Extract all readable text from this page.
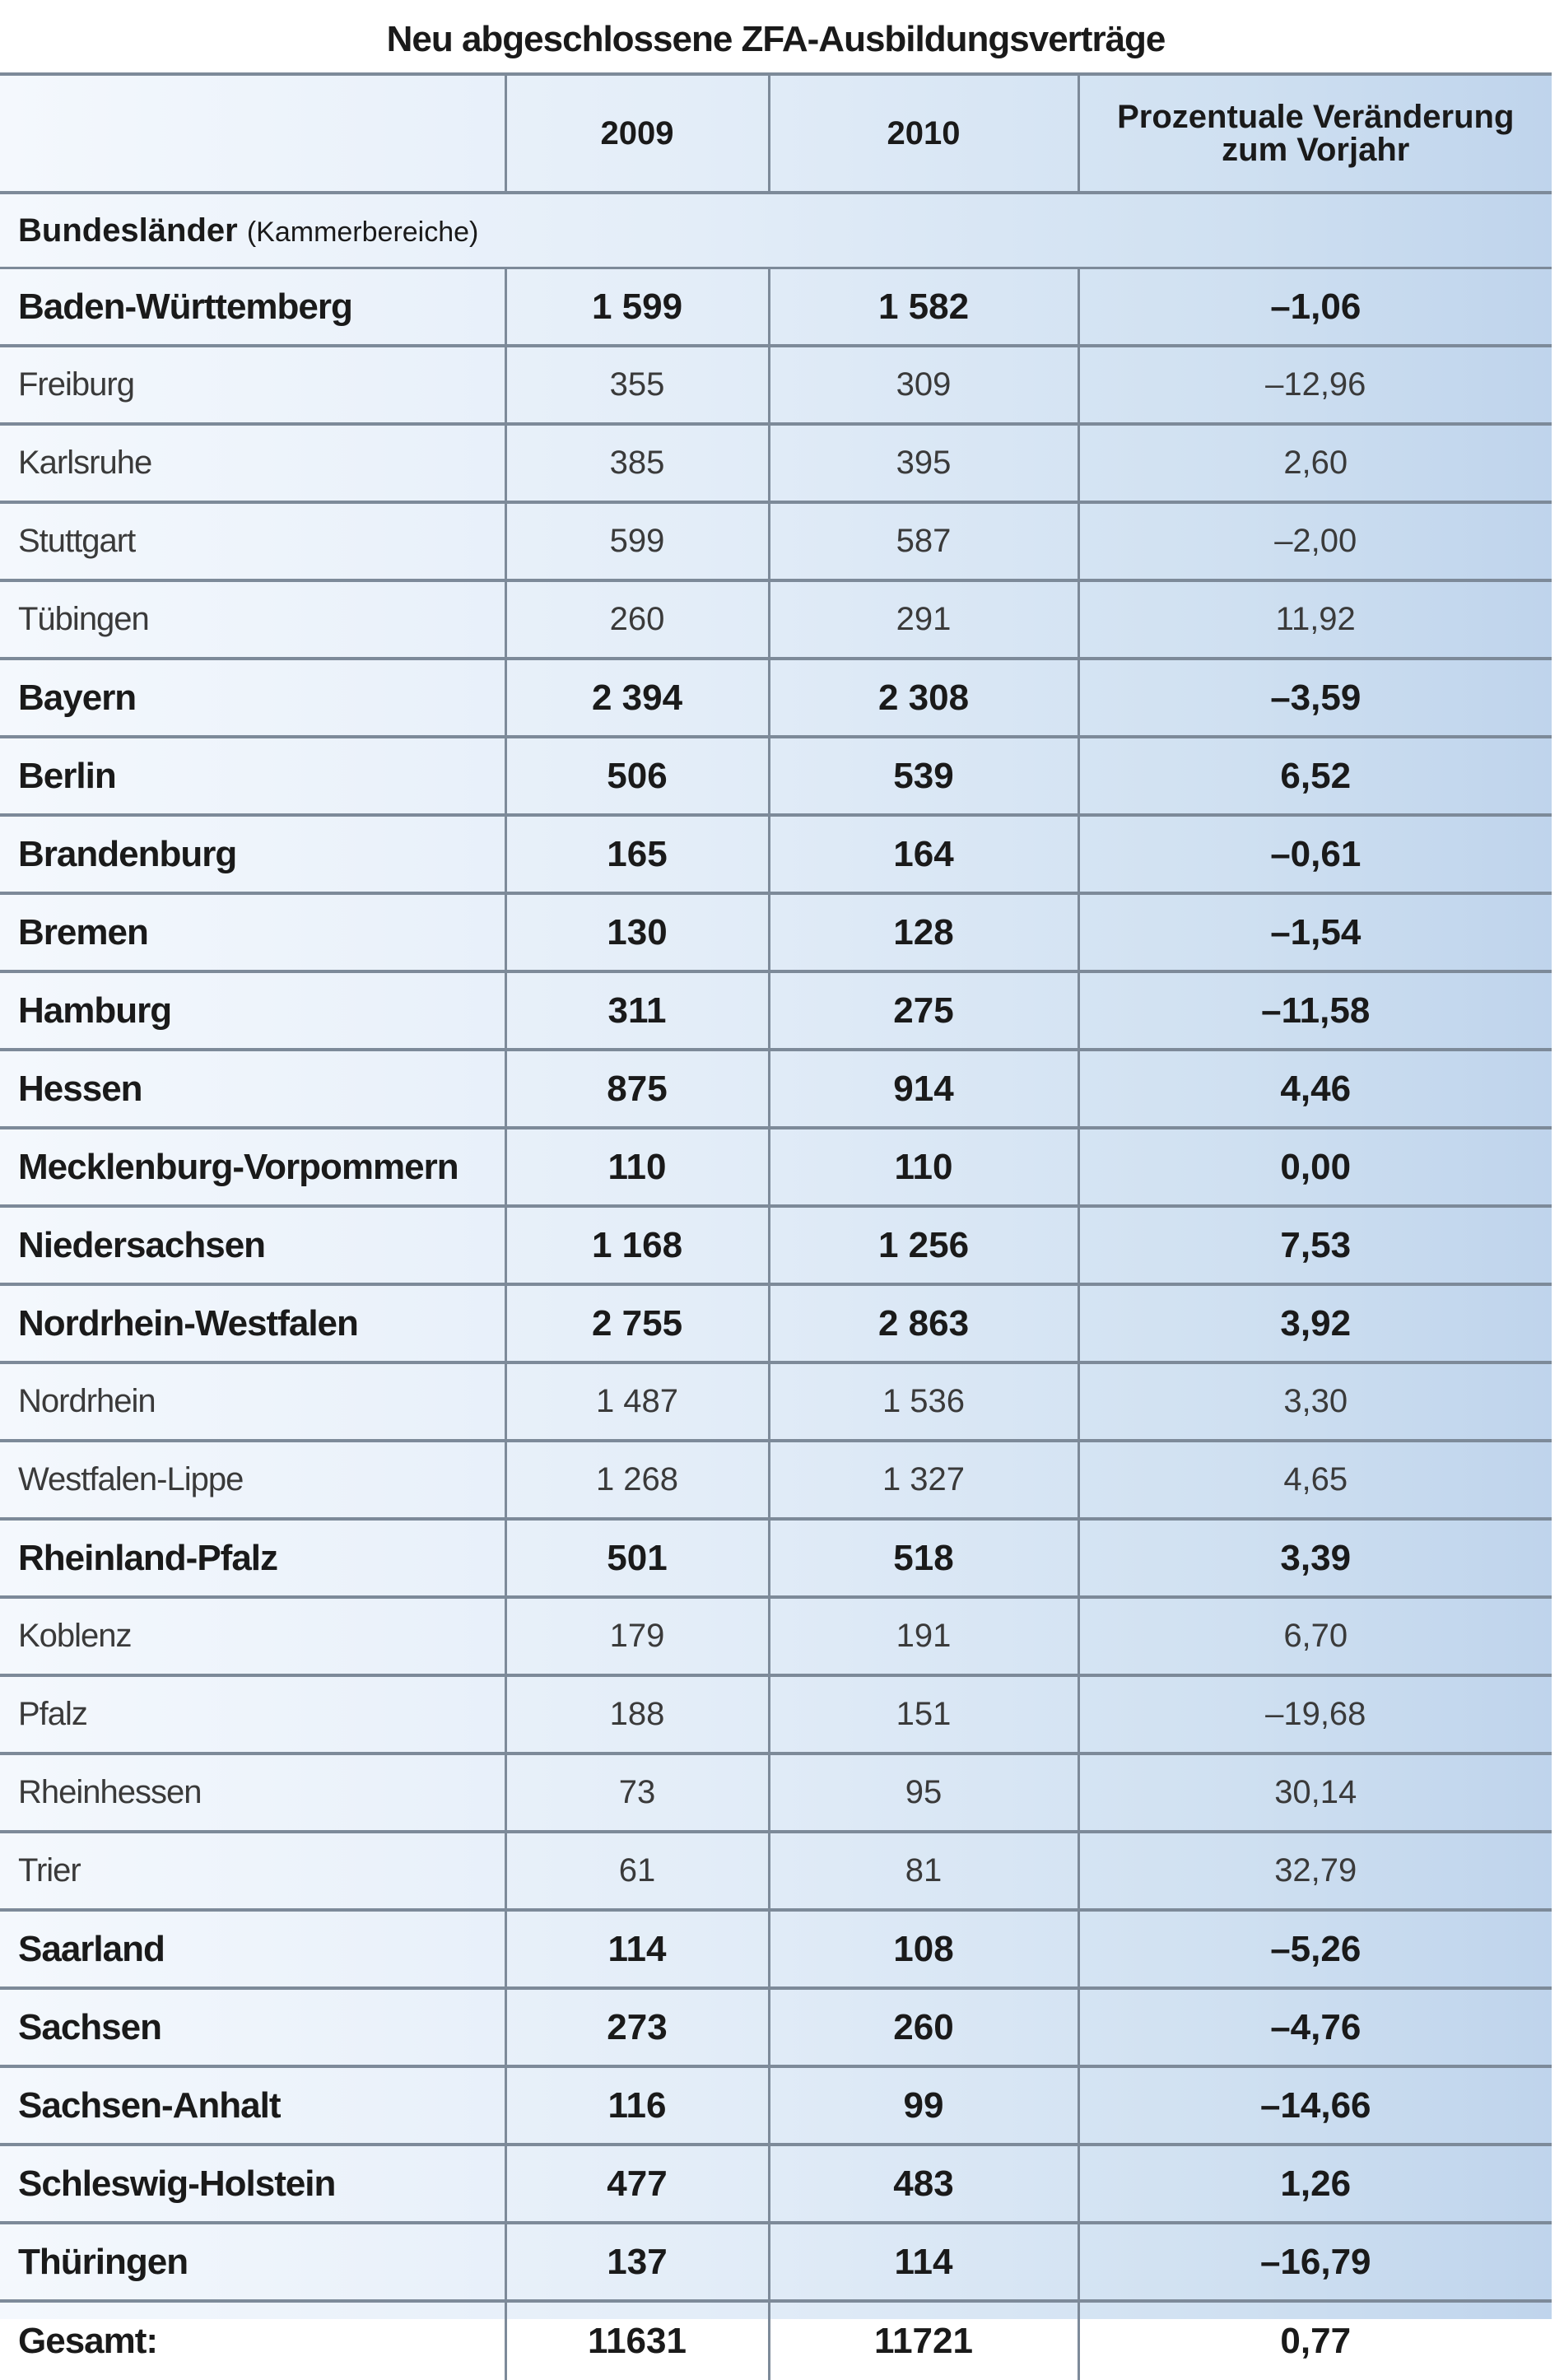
Neu abgeschlossene ZFA-Ausbildungsverträge
	2009	2010	Prozentuale Veränderung
zum Vorjahr

Bundesländer (Kammerbereiche)			
Baden-Württemberg	1 599	1 582	–1,06
Freiburg	355	309	–12,96
Karlsruhe	385	395	2,60
Stuttgart	599	587	–2,00
Tübingen	260	291	11,92
Bayern	2 394	2 308	–3,59
Berlin	506	539	6,52
Brandenburg	165	164	–0,61
Bremen	130	128	–1,54
Hamburg	311	275	–11,58
Hessen	875	914	4,46
Mecklenburg-Vorpommern	110	110	0,00
Niedersachsen	1 168	1 256	7,53
Nordrhein-Westfalen	2 755	2 863	3,92
Nordrhein	1 487	1 536	3,30
Westfalen-Lippe	1 268	1 327	4,65
Rheinland-Pfalz	501	518	3,39
Koblenz	179	191	6,70
Pfalz	188	151	–19,68
Rheinhessen	73	95	30,14
Trier	61	81	32,79
Saarland	114	108	–5,26
Sachsen	273	260	–4,76
Sachsen-Anhalt	116	99	–14,66
Schleswig-Holstein	477	483	1,26
Thüringen	137	114	–16,79
Gesamt:	11631	11721	0,77
